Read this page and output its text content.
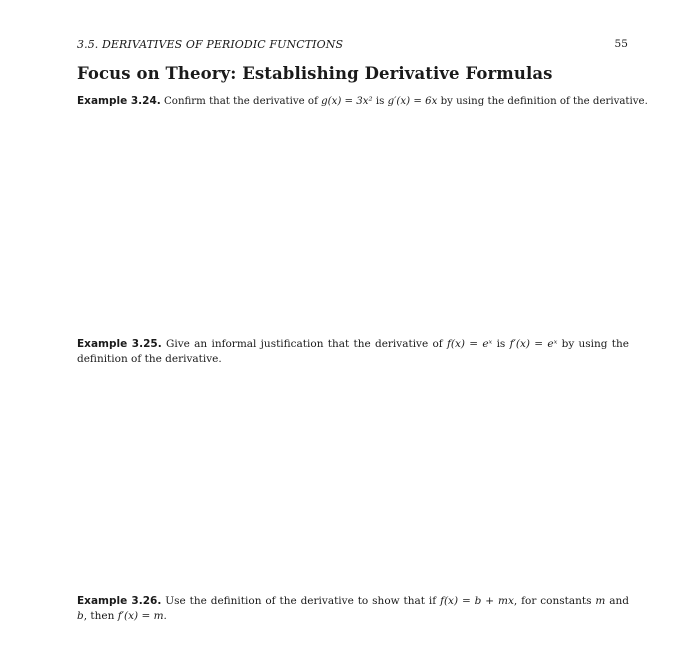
3.5. DERIVATIVES OF PERIODIC FUNCTIONS	55
Focus on Theory: Establishing Derivative Formulas
Example 3.24. Confirm that the derivative of g(x) = 3x² is g′(x) = 6x by using the definition of the derivative.
Example 3.25. Give an informal justification that the derivative of f(x) = eˣ is f′(x) = eˣ by using the definition of the derivative.
Example 3.26. Use the definition of the derivative to show that if f(x) = b + mx, for constants m and b, then f′(x) = m.
